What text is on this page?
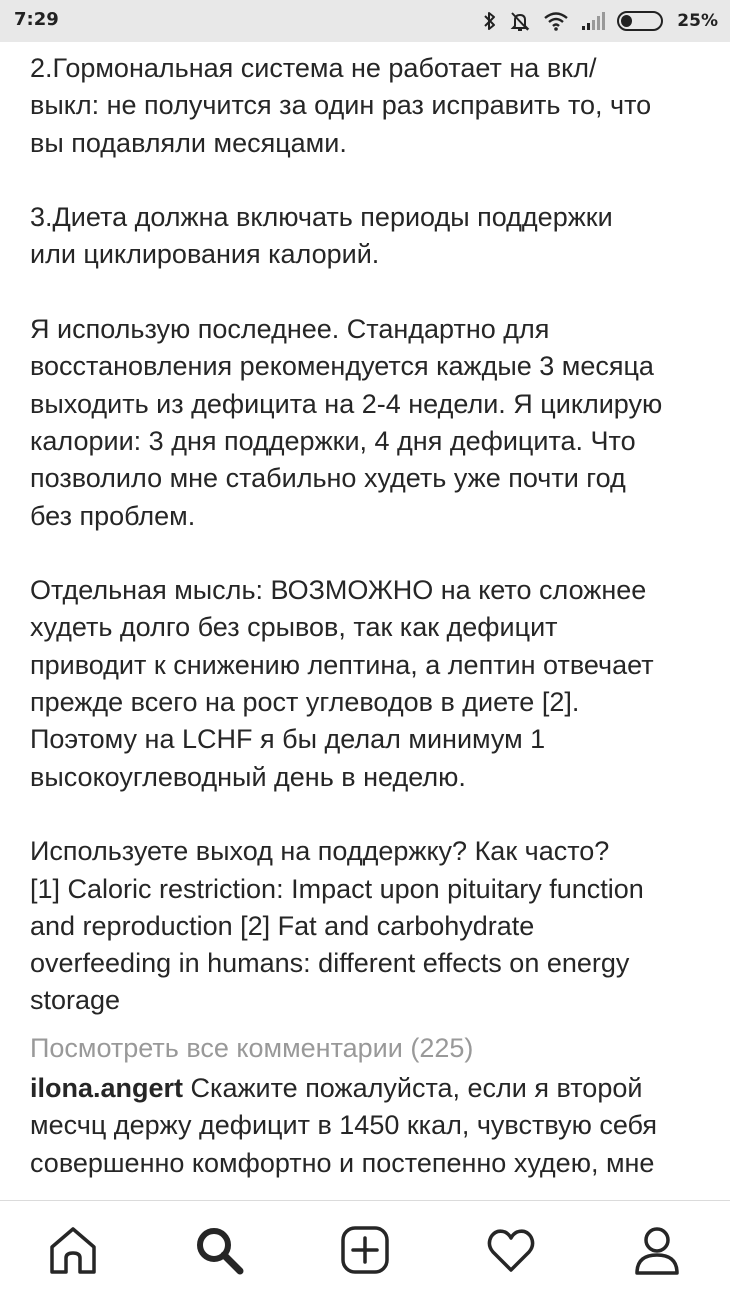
7:29	25%

2.Гормональная система не работает на вкл/
выкл: не получится за один раз исправить то, что
вы подавляли месяцами.

3.Диета должна включать периоды поддержки
или циклирования калорий.

Я использую последнее. Стандартно для
восстановления рекомендуется каждые 3 месяца
выходить из дефицита на 2-4 недели. Я циклирую
калории: 3 дня поддержки, 4 дня дефицита. Что
позволило мне стабильно худеть уже почти год
без проблем.

Отдельная мысль: ВОЗМОЖНО на кето сложнее
худеть долго без срывов, так как дефицит
приводит к снижению лептина, а лептин отвечает
прежде всего на рост углеводов в диете [2].
Поэтому на LCHF я бы делал минимум 1
высокоуглеводный день в неделю.

Используете выход на поддержку? Как часто?
[1] Caloric restriction: Impact upon pituitary function
and reproduction [2] Fat and carbohydrate
overfeeding in humans: different effects on energy
storage

Посмотреть все комментарии (225)

ilona.angert Скажите пожалуйста, если я второй
месчц держу дефицит в 1450 ккал, чувствую себя
совершенно комфортно и постепенно худею, мне
